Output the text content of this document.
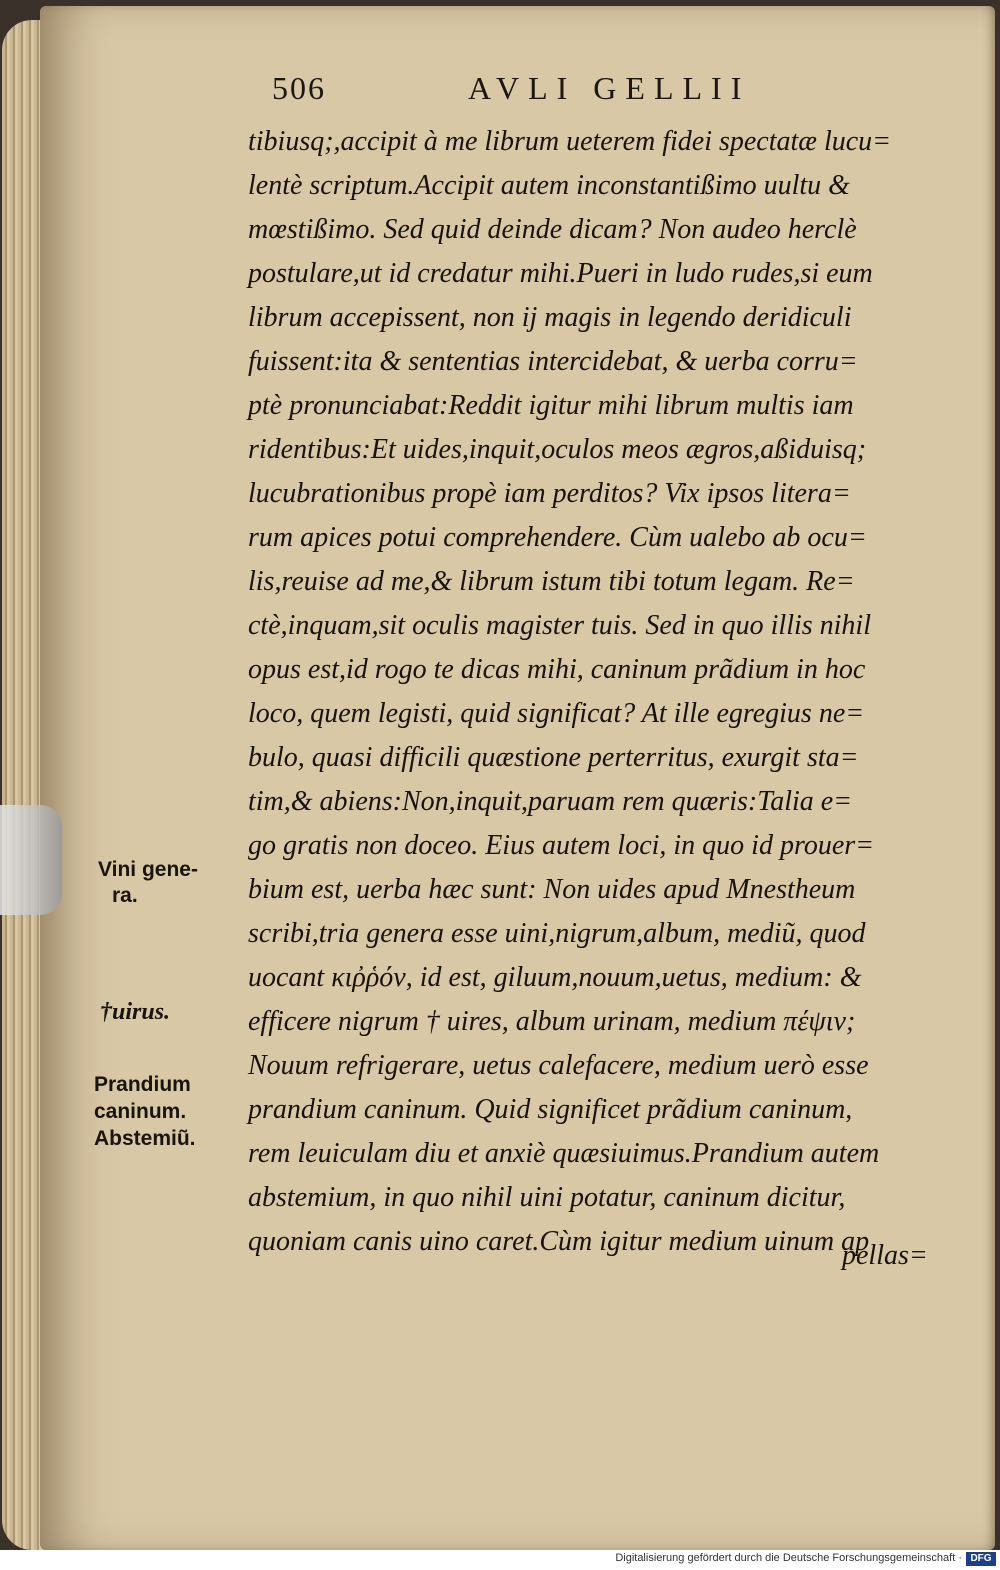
506	AVLI GELLII
tibiusq;,accipit à me librum ueterem fidei spectatæ lucu=
lentè scriptum.Accipit autem inconstantißimo uultu &
mœstißimo. Sed quid deinde dicam? Non audeo herclè
postulare,ut id credatur mihi.Pueri in ludo rudes,si eum
librum accepissent, non ij magis in legendo deridiculi
fuissent:ita & sententias intercidebat, & uerba corru=
ptè pronunciabat:Reddit igitur mihi librum multis iam
ridentibus:Et uides,inquit,oculos meos ægros,aßiduisq;
lucubrationibus propè iam perditos? Vix ipsos litera=
rum apices potui comprehendere. Cùm ualebo ab ocu=
lis,reuise ad me,& librum istum tibi totum legam. Re=
ctè,inquam,sit oculis magister tuis. Sed in quo illis nihil
opus est,id rogo te dicas mihi, caninum prãdium in hoc
loco, quem legisti, quid significat? At ille egregius ne=
bulo, quasi difficili quæstione perterritus, exurgit sta=
tim,& abiens:Non,inquit,paruam rem quæris:Talia e=
go gratis non doceo. Eius autem loci, in quo id prouer=
bium est, uerba hæc sunt: Non uides apud Mnestheum
scribi,tria genera esse uini,nigrum,album, mediũ, quod
uocant κιῤῥόν, id est, giluum,nouum,uetus, medium: &
efficere nigrum † uires, album urinam, medium πέψιν;
Nouum refrigerare, uetus calefacere, medium uerò esse
prandium caninum. Quid significet prãdium caninum,
rem leuiculam diu et anxiè quæsiuimus.Prandium autem
abstemium, in quo nihil uini potatur, caninum dicitur,
quoniam canis uino caret.Cùm igitur medium uinum ap
pellas=
Vini gene-
ra.
†uirus.
Prandium
caninum.
Abstemiũ.
Digitalisierung gefördert durch die Deutsche Forschungsgemeinschaft · DFG
